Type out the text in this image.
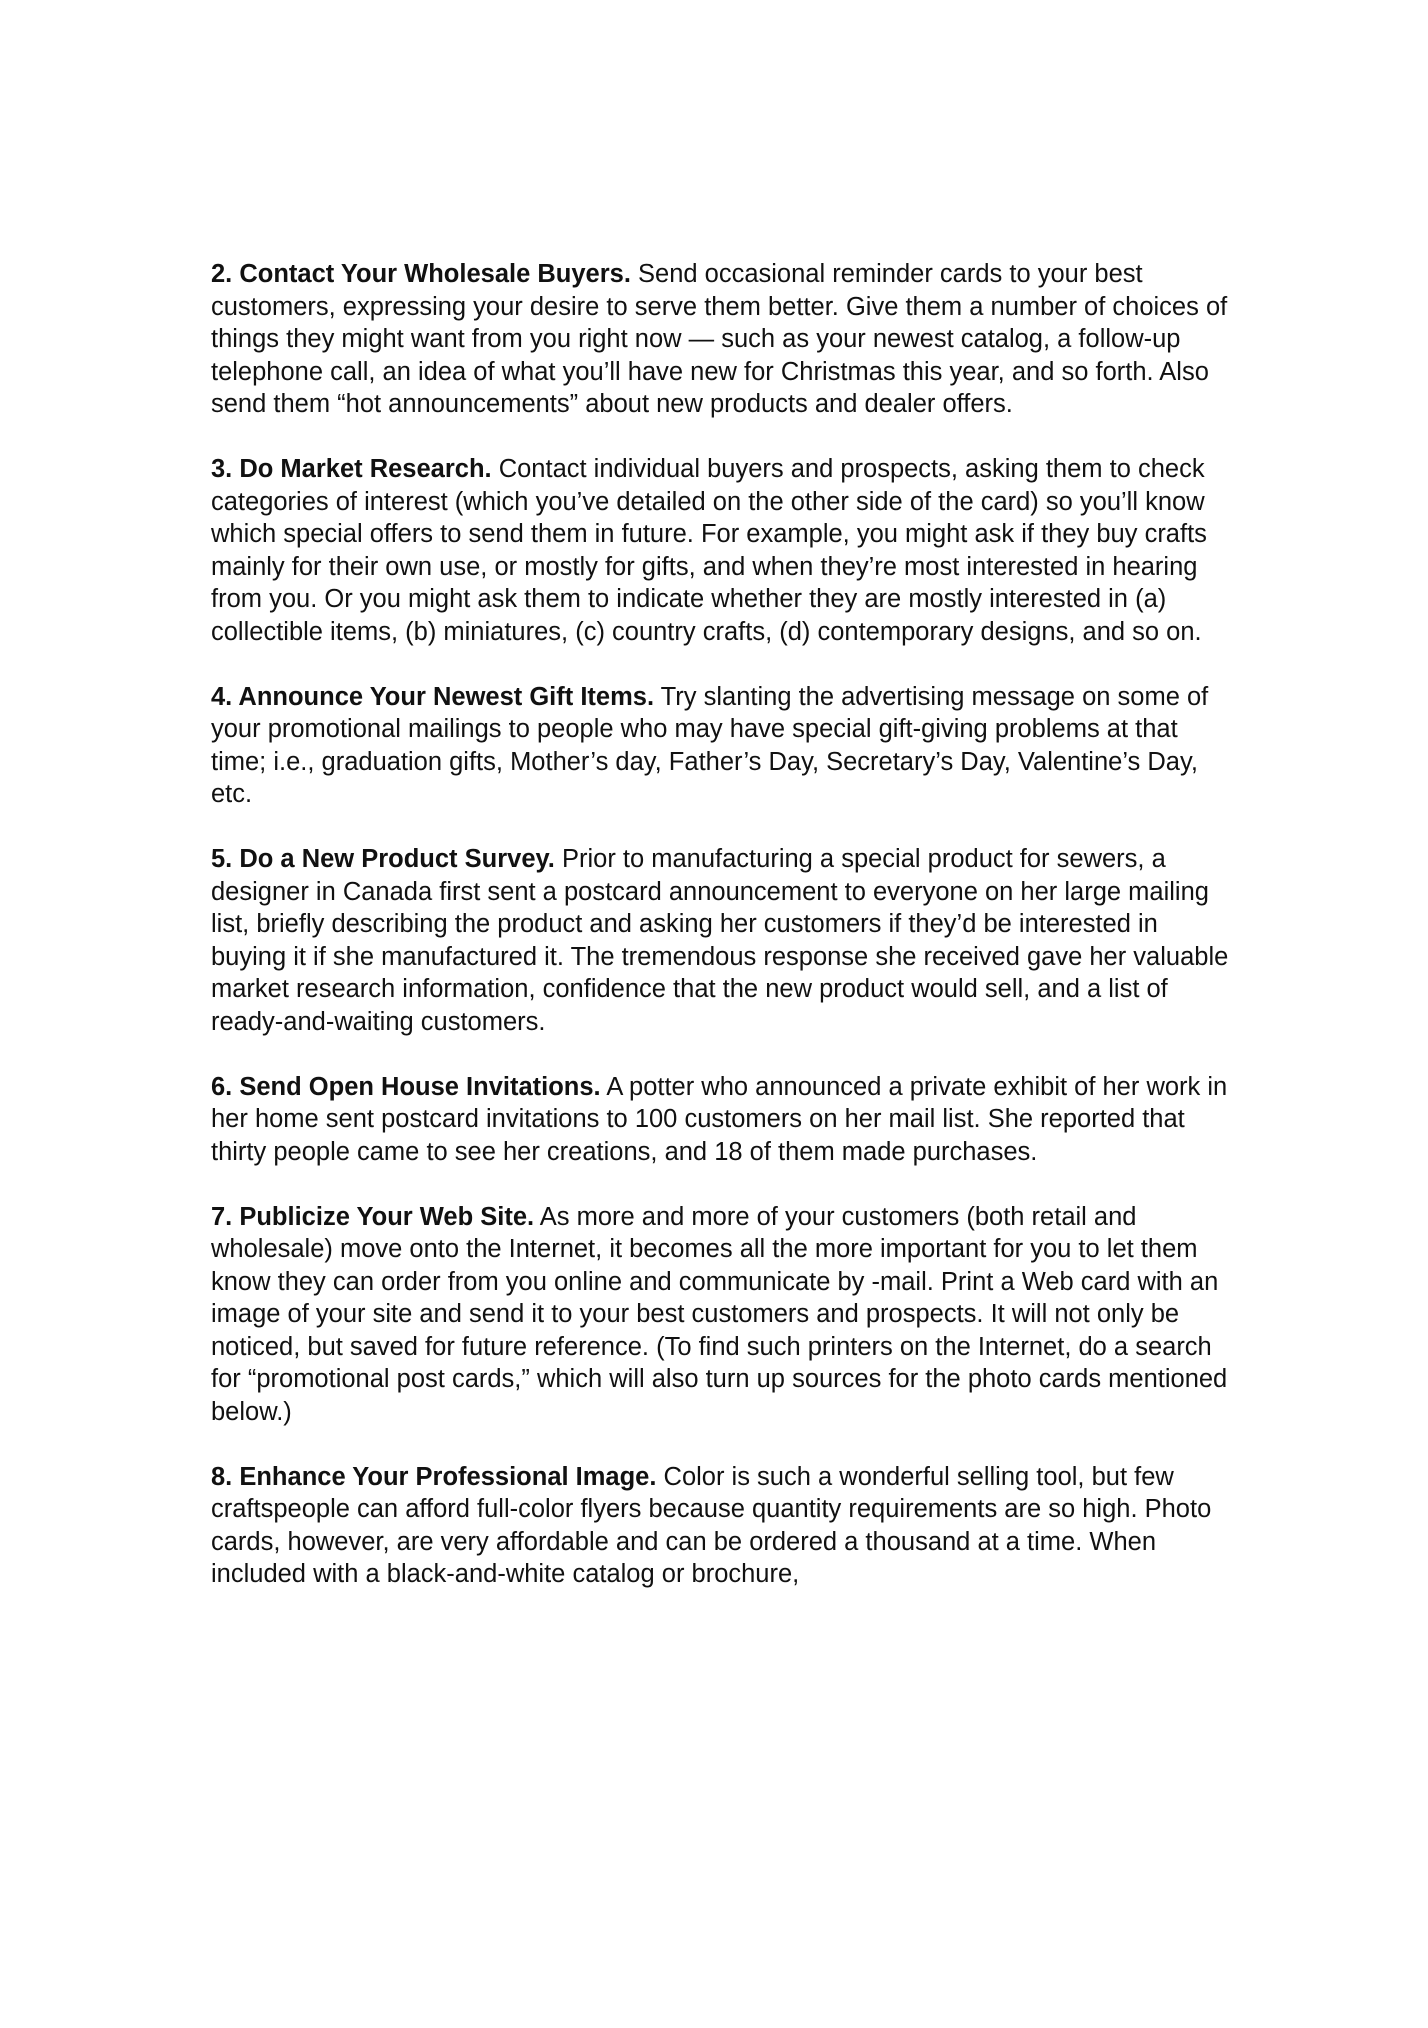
2. Contact Your Wholesale Buyers. Send occasional reminder cards to your best customers, expressing your desire to serve them better. Give them a number of choices of things they might want from you right now — such as your newest catalog, a follow-up telephone call, an idea of what you’ll have new for Christmas this year, and so forth. Also send them “hot announcements” about new products and dealer offers.

3. Do Market Research. Contact individual buyers and prospects, asking them to check categories of interest (which you’ve detailed on the other side of the card) so you’ll know which special offers to send them in future. For example, you might ask if they buy crafts mainly for their own use, or mostly for gifts, and when they’re most interested in hearing from you. Or you might ask them to indicate whether they are mostly interested in (a) collectible items, (b) miniatures, (c) country crafts, (d) contemporary designs, and so on.

4. Announce Your Newest Gift Items. Try slanting the advertising message on some of your promotional mailings to people who may have special gift-giving problems at that time; i.e., graduation gifts, Mother’s day, Father’s Day, Secretary’s Day, Valentine’s Day, etc.

5. Do a New Product Survey. Prior to manufacturing a special product for sewers, a designer in Canada first sent a postcard announcement to everyone on her large mailing list, briefly describing the product and asking her customers if they’d be interested in buying it if she manufactured it. The tremendous response she received gave her valuable market research information, confidence that the new product would sell, and a list of ready-and-waiting customers.

6. Send Open House Invitations. A potter who announced a private exhibit of her work in her home sent postcard invitations to 100 customers on her mail list. She reported that thirty people came to see her creations, and 18 of them made purchases.

7. Publicize Your Web Site. As more and more of your customers (both retail and wholesale) move onto the Internet, it becomes all the more important for you to let them know they can order from you online and communicate by -mail. Print a Web card with an image of your site and send it to your best customers and prospects. It will not only be noticed, but saved for future reference. (To find such printers on the Internet, do a search for “promotional post cards,” which will also turn up sources for the photo cards mentioned below.)

8. Enhance Your Professional Image. Color is such a wonderful selling tool, but few craftspeople can afford full-color flyers because quantity requirements are so high. Photo cards, however, are very affordable and can be ordered a thousand at a time. When included with a black-and-white catalog or brochure,
